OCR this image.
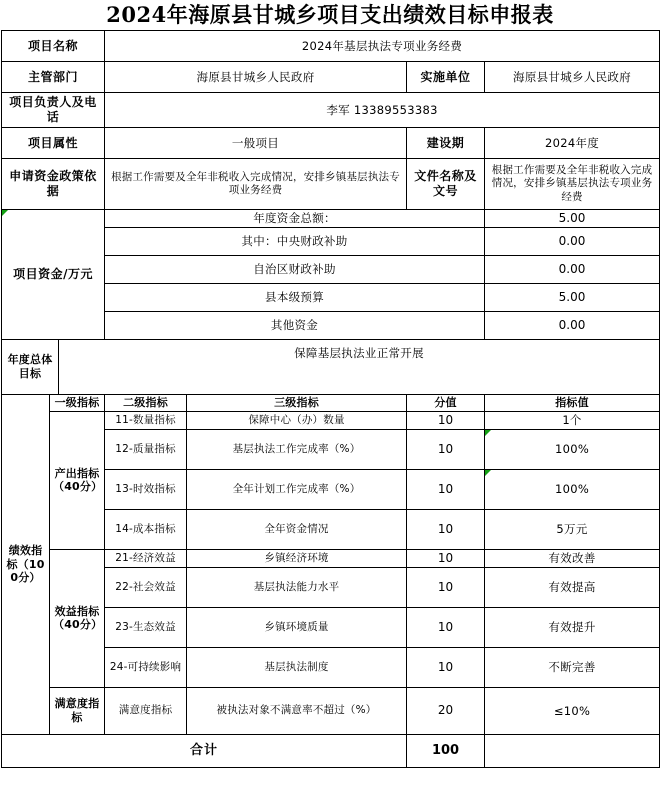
2024年海原县甘城乡项目支出绩效目标申报表
项目名称			2024年基层执法专项业务经费			
主管部门			海原县甘城乡人民政府		实施单位	海原县甘城乡人民政府
项目负责人及电话			李军 13389553383			
项目属性			一般项目		建设期	2024年度
申请资金政策依据			根据工作需要及全年非税收入完成情况，安排乡镇基层执法专项业务经费		文件名称及文号	根据工作需要及全年非税收入完成情况，安排乡镇基层执法专项业务经费
项目资金/万元			年度资金总额：			5.00
			其中：中央财政补助			0.00
			自治区财政补助			0.00
			县本级预算			5.00
			其他资金			0.00
年度总体目标		保障基层执法业正常开展				
绩效指标（100分）	一级指标		二级指标	三级指标	分值	指标值
	产出指标（40分）		11-数量指标	保障中心（办）数量	10	1个
			12-质量指标	基层执法工作完成率（%）	10	100%
			13-时效指标	全年计划工作完成率（%）	10	100%
			14-成本指标	全年资金情况	10	5万元
	效益指标（40分）		21-经济效益	乡镇经济环境	10	有效改善
			22-社会效益	基层执法能力水平	10	有效提高
			23-生态效益	乡镇环境质量	10	有效提升
			24-可持续影响	基层执法制度	10	不断完善

	满意度指标		满意度指标	被执法对象不满意率不超过（%）	20	≤10%
合计					100	
